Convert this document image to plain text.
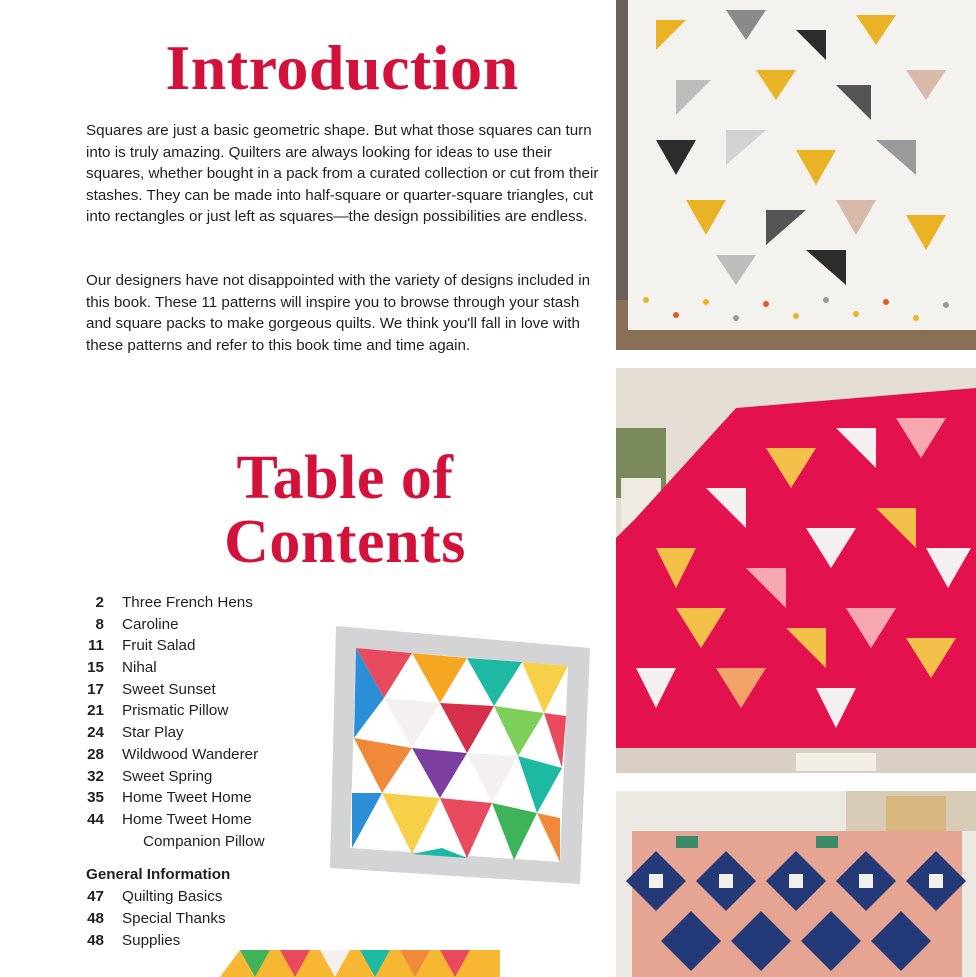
Introduction

Squares are just a basic geometric shape. But what those squares can turn into is truly amazing. Quilters are always looking for ideas to use their squares, whether bought in a pack from a curated collection or cut from their stashes. They can be made into half-square or quarter-square triangles, cut into rectangles or just left as squares—the design possibilities are endless.

Our designers have not disappointed with the variety of designs included in this book. These 11 patterns will inspire you to browse through your stash and square packs to make gorgeous quilts. We think you'll fall in love with these patterns and refer to this book time and time again.

Table of
Contents
2 Three French Hens
8 Caroline
11 Fruit Salad
15 Nihal
17 Sweet Sunset
21 Prismatic Pillow
24 Star Play
28 Wildwood Wanderer
32 Sweet Spring
35 Home Tweet Home
44 Home Tweet Home
Companion Pillow
General Information
47 Quilting Basics
48 Special Thanks
48 Supplies
